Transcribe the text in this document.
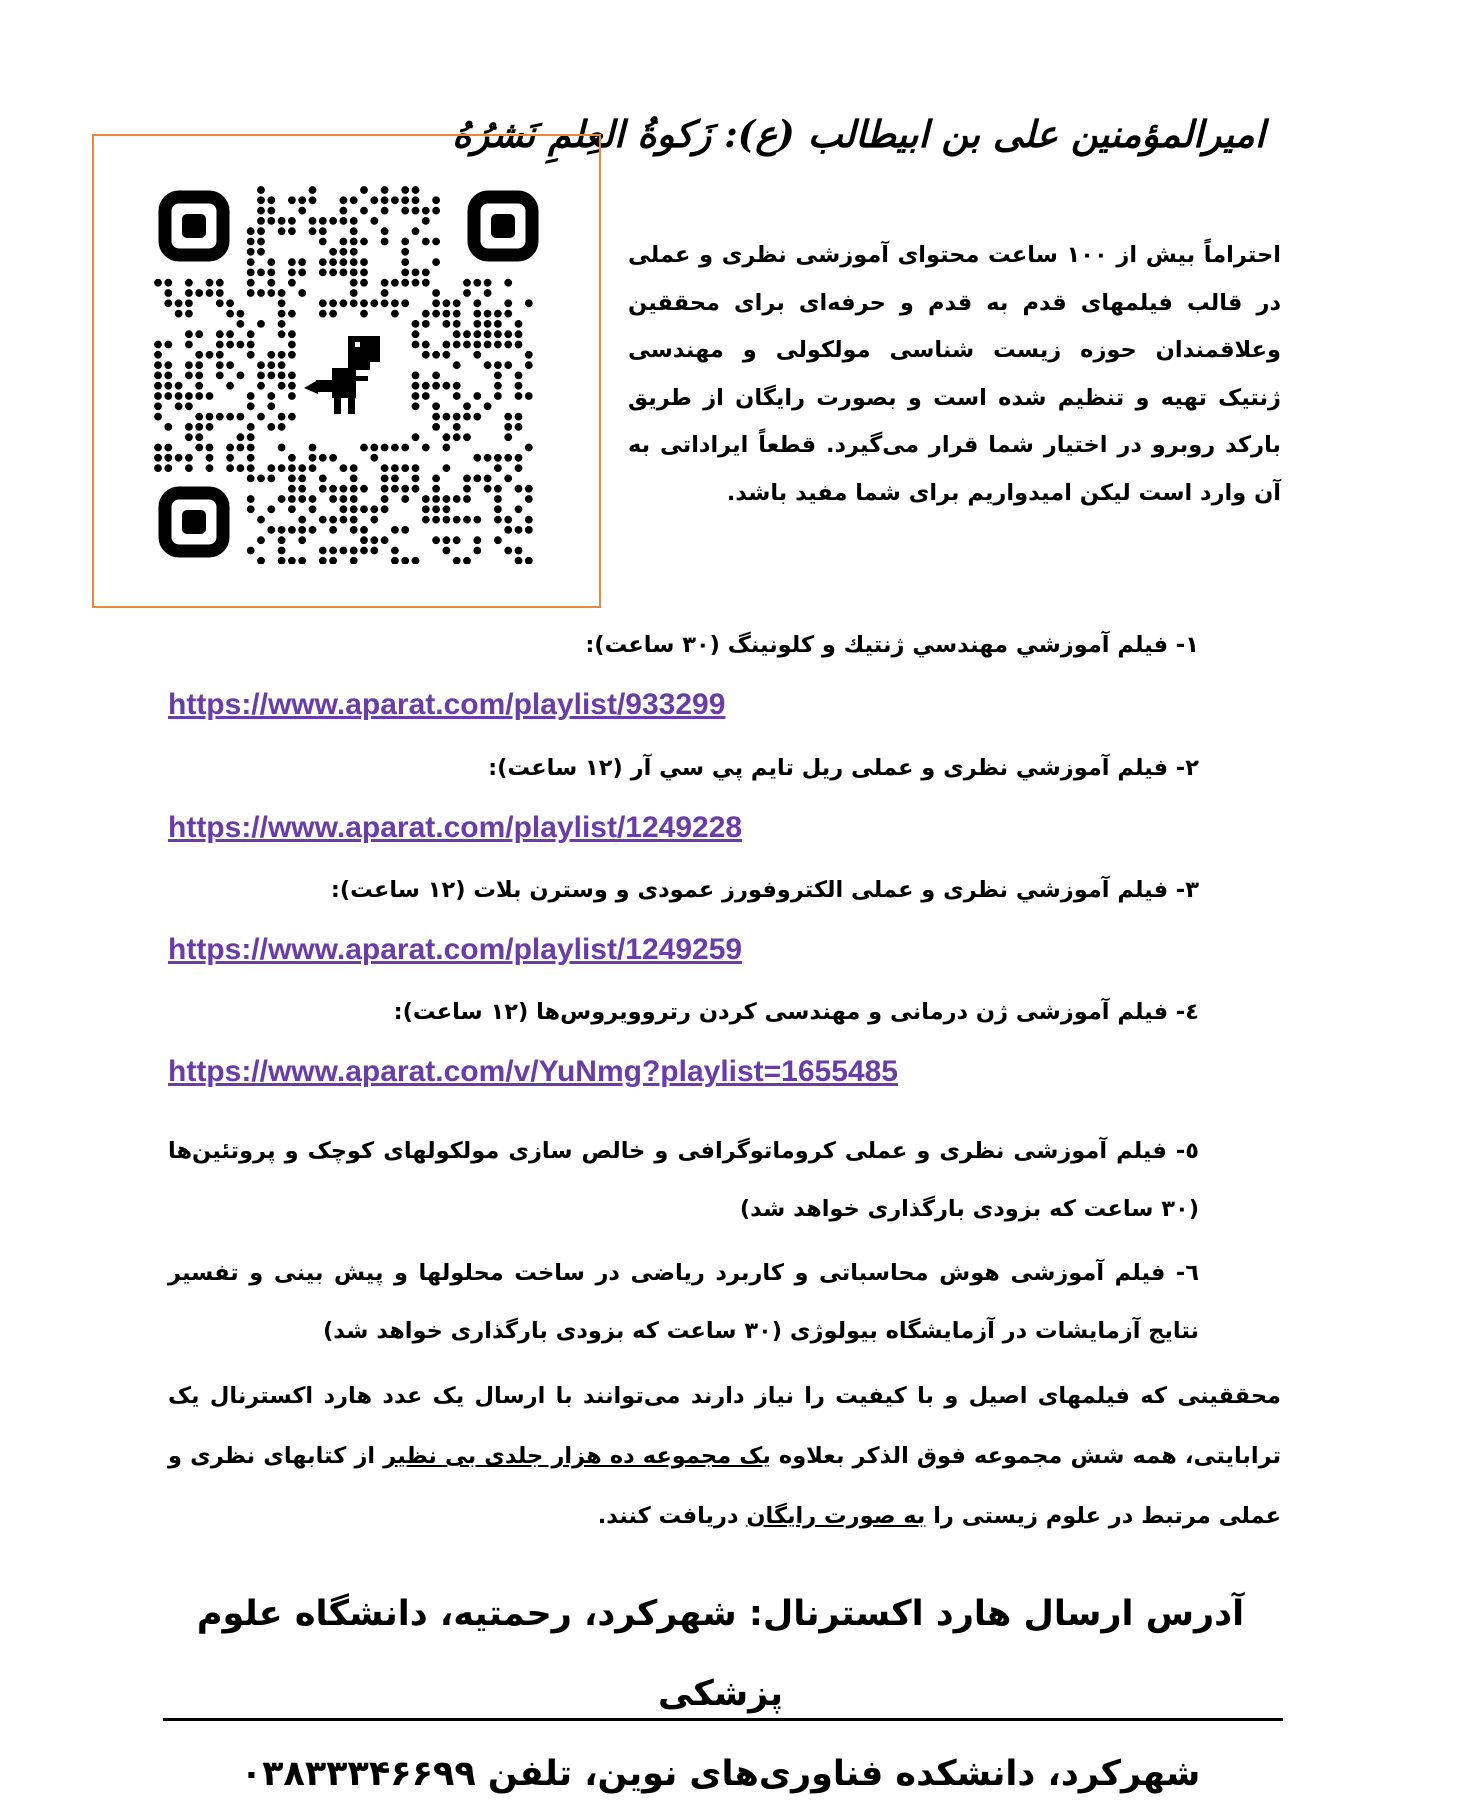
امیرالمؤمنین علی بن ابیطالب (ع): زَکوةُ العِلمِ نَشرُهُ
احتراماً بیش از ۱۰۰ ساعت محتوای آموزشی نظری و عملی در قالب فیلمهای قدم به قدم و حرفه‌ای برای محققین وعلاقمندان حوزه زیست شناسی مولکولی و مهندسی ژنتیک تهیه و تنظیم شده است و بصورت رایگان از طریق بارکد روبرو در اختیار شما قرار می‌گیرد. قطعاً ایراداتی به آن وارد است لیکن امیدواریم برای شما مفید باشد.
۱- فيلم آموزشي مهندسي ژنتيك و كلونينگ (۳۰ ساعت):
https://www.aparat.com/playlist/933299
۲- فيلم آموزشي نظری و عملی ريل تايم پي سي آر (۱۲ ساعت):
https://www.aparat.com/playlist/1249228
۳- فيلم آموزشي نظری و عملی الكتروفورز عمودی و وسترن بلات (۱۲ ساعت):
https://www.aparat.com/playlist/1249259
٤- فیلم آموزشی ژن درمانی و مهندسی کردن رتروویروس‌ها (۱۲ ساعت):
https://www.aparat.com/v/YuNmg?playlist=1655485
٥- فیلم آموزشی نظری و عملی کروماتوگرافی و خالص سازی مولکولهای کوچک و پروتئین‌ها (۳۰ ساعت که بزودی بارگذاری خواهد شد)
٦- فیلم آموزشی هوش محاسباتی و کاربرد ریاضی در ساخت محلولها و پیش بینی و تفسیر نتایج آزمایشات در آزمایشگاه بیولوژی (۳۰ ساعت که بزودی بارگذاری خواهد شد)
محققینی که فیلمهای اصیل و با کیفیت را نیاز دارند می‌توانند با ارسال یک عدد هارد اکسترنال یک ترابایتی، همه شش مجموعه فوق الذکر بعلاوه یک مجموعه ده هزار جلدی بی نظیر از کتابهای نظری و عملی مرتبط در علوم زیستی را به صورت رایگان دریافت کنند.
آدرس ارسال هارد اکسترنال: شهرکرد، رحمتیه، دانشگاه علوم پزشکی
شهرکرد، دانشکده فناوری‌های نوین، تلفن ۰۳۸۳۳۳۴۶۶۹۹
